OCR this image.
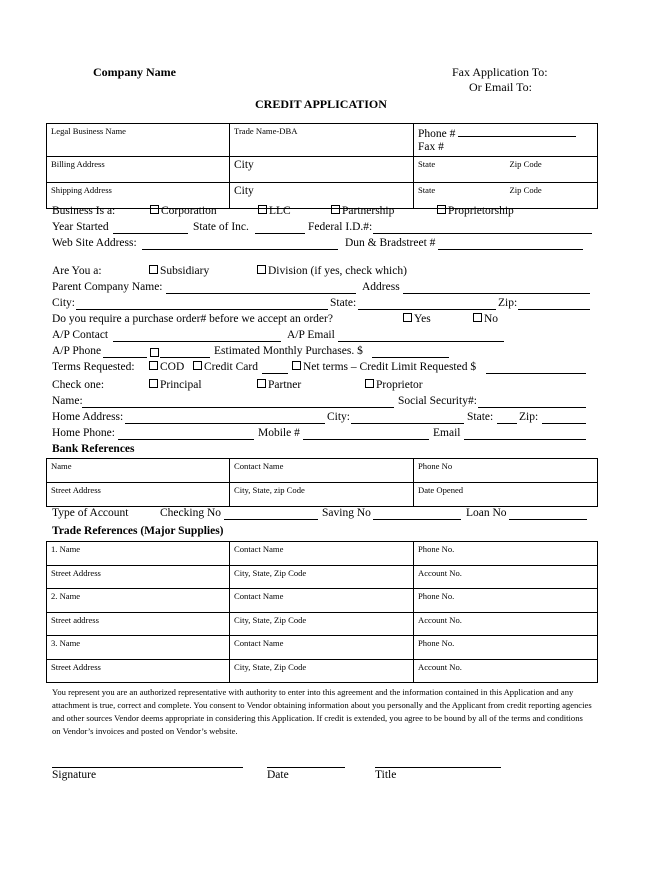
Company Name	Fax Application To:
Or Email To:
CREDIT APPLICATION
Legal Business Name	Trade Name-DBA	Phone #
Fax #
Billing Address	City	State Zip Code

Shipping Address	City	State Zip Code
Business Is a:	Corporation	LLC	Partnership	Proprietorship
Year Started	State of Inc.	Federal I.D.#:
Web Site Address:	Dun & Bradstreet #
Are You a:	Subsidiary	Division (if yes, check which)
Parent Company Name:	Address
City:	State:	Zip:
Do you require a purchase order# before we accept an order?	Yes	No
A/P Contact	A/P Email
A/P Phone	Estimated Monthly Purchases. $
Terms Requested:	COD	Credit Card	Net terms – Credit Limit Requested $
Check one:	Principal	Partner	Proprietor
Name:	Social Security#:
Home Address:	City:	State: Zip:
Home Phone:	Mobile #	Email
Bank References
Name	Contact Name	Phone No
Street Address	City, State, zip Code	Date Opened
Type of Account	Checking No	Saving No	Loan No
Trade References (Major Supplies)
1. Name	Contact Name	Phone No.
Street Address	City, State, Zip Code	Account No.
2. Name	Contact Name	Phone No.
Street address	City, State, Zip Code	Account No.
3. Name	Contact Name	Phone No.
Street Address	City, State, Zip Code	Account No.
You represent you are an authorized representative with authority to enter into this agreement and the information contained in this Application and any attachment is true, correct and complete. You consent to Vendor obtaining information about you personally and the Applicant from credit reporting agencies and other sources Vendor deems appropriate in considering this Application. If credit is extended, you agree to be bound by all of the terms and conditions on Vendor’s invoices and posted on Vendor’s website.
Signature	Date	Title
